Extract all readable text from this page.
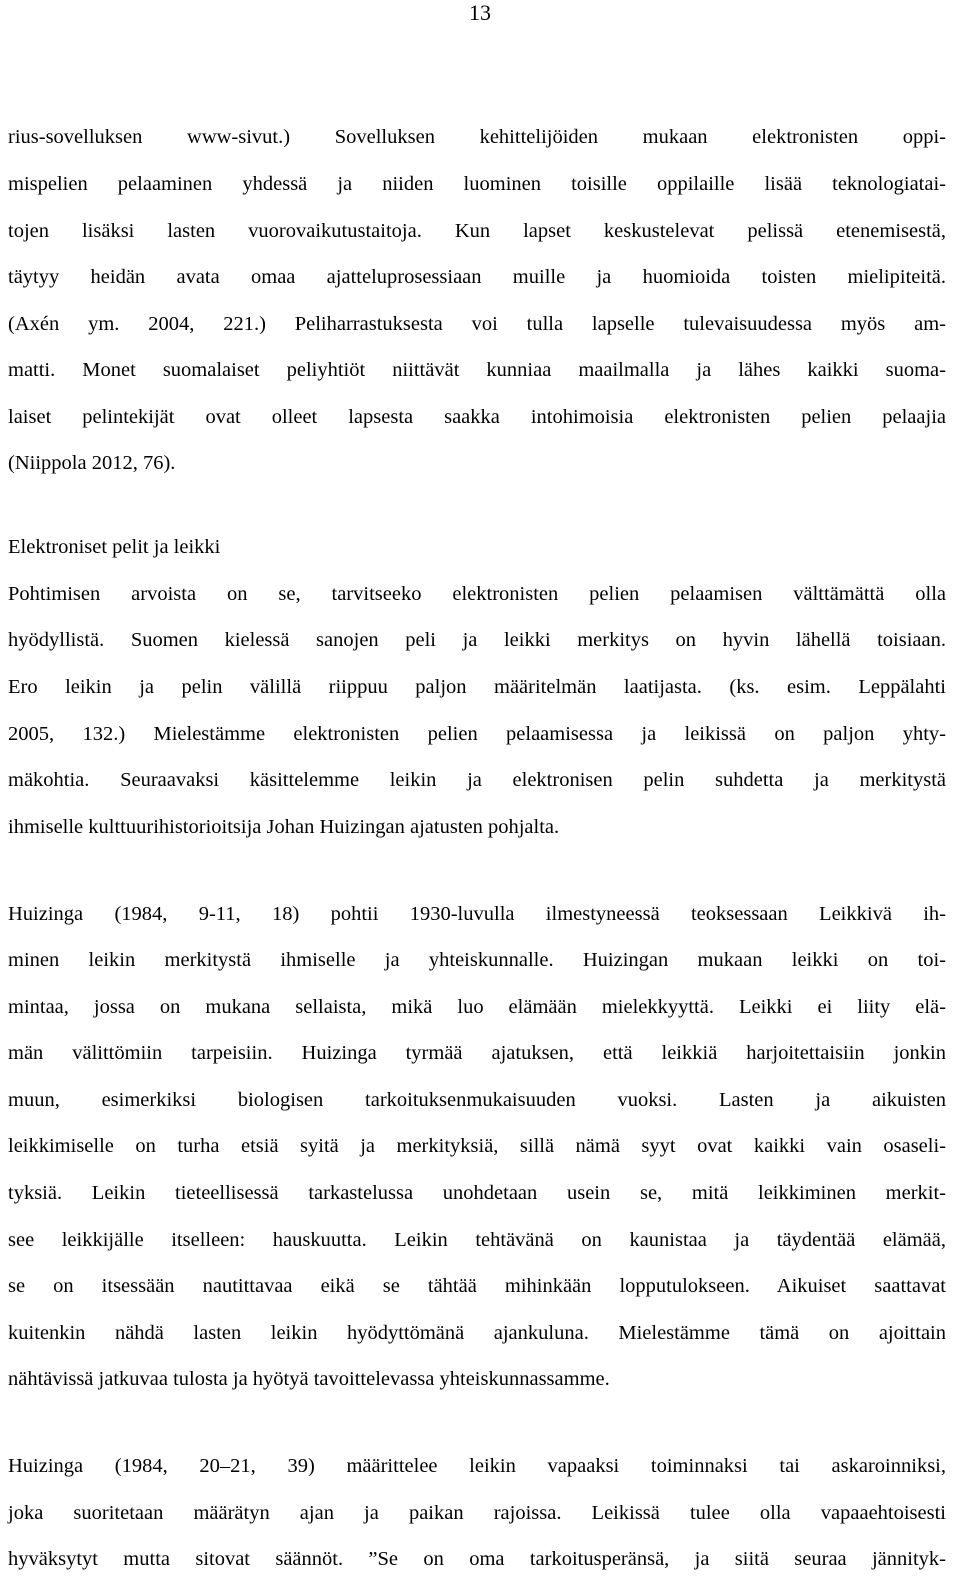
13
rius-sovelluksen www-sivut.) Sovelluksen kehittelijöiden mukaan elektronisten oppi-
mispelien pelaaminen yhdessä ja niiden luominen toisille oppilaille lisää teknologiatai-
tojen lisäksi lasten vuorovaikutustaitoja. Kun lapset keskustelevat pelissä etenemisestä,
täytyy heidän avata omaa ajatteluprosessiaan muille ja huomioida toisten mielipiteitä.
(Axén ym. 2004, 221.) Peliharrastuksesta voi tulla lapselle tulevaisuudessa myös am-
matti. Monet suomalaiset peliyhtiöt niittävät kunniaa maailmalla ja lähes kaikki suoma-
laiset pelintekijät ovat olleet lapsesta saakka intohimoisia elektronisten pelien pelaajia
(Niippola 2012, 76).
Elektroniset pelit ja leikki
Pohtimisen arvoista on se, tarvitseeko elektronisten pelien pelaamisen välttämättä olla
hyödyllistä. Suomen kielessä sanojen peli ja leikki merkitys on hyvin lähellä toisiaan.
Ero leikin ja pelin välillä riippuu paljon määritelmän laatijasta. (ks. esim. Leppälahti
2005, 132.) Mielestämme elektronisten pelien pelaamisessa ja leikissä on paljon yhty-
mäkohtia. Seuraavaksi käsittelemme leikin ja elektronisen pelin suhdetta ja merkitystä
ihmiselle kulttuurihistorioitsija Johan Huizingan ajatusten pohjalta.
Huizinga (1984, 9-11, 18) pohtii 1930-luvulla ilmestyneessä teoksessaan Leikkivä ih-
minen leikin merkitystä ihmiselle ja yhteiskunnalle. Huizingan mukaan leikki on toi-
mintaa, jossa on mukana sellaista, mikä luo elämään mielekkyyttä. Leikki ei liity elä-
män välittömiin tarpeisiin. Huizinga tyrmää ajatuksen, että leikkiä harjoitettaisiin jonkin
muun, esimerkiksi biologisen tarkoituksenmukaisuuden vuoksi. Lasten ja aikuisten
leikkimiselle on turha etsiä syitä ja merkityksiä, sillä nämä syyt ovat kaikki vain osaseli-
tyksiä. Leikin tieteellisessä tarkastelussa unohdetaan usein se, mitä leikkiminen merkit-
see leikkijälle itselleen: hauskuutta. Leikin tehtävänä on kaunistaa ja täydentää elämää,
se on itsessään nautittavaa eikä se tähtää mihinkään lopputulokseen. Aikuiset saattavat
kuitenkin nähdä lasten leikin hyödyttömänä ajankuluna. Mielestämme tämä on ajoittain
nähtävissä jatkuvaa tulosta ja hyötyä tavoittelevassa yhteiskunnassamme.
Huizinga (1984, 20–21, 39) määrittelee leikin vapaaksi toiminnaksi tai askaroinniksi,
joka suoritetaan määrätyn ajan ja paikan rajoissa. Leikissä tulee olla vapaaehtoisesti
hyväksytyt mutta sitovat säännöt. ”Se on oma tarkoitusperänsä, ja siitä seuraa jännityk-
